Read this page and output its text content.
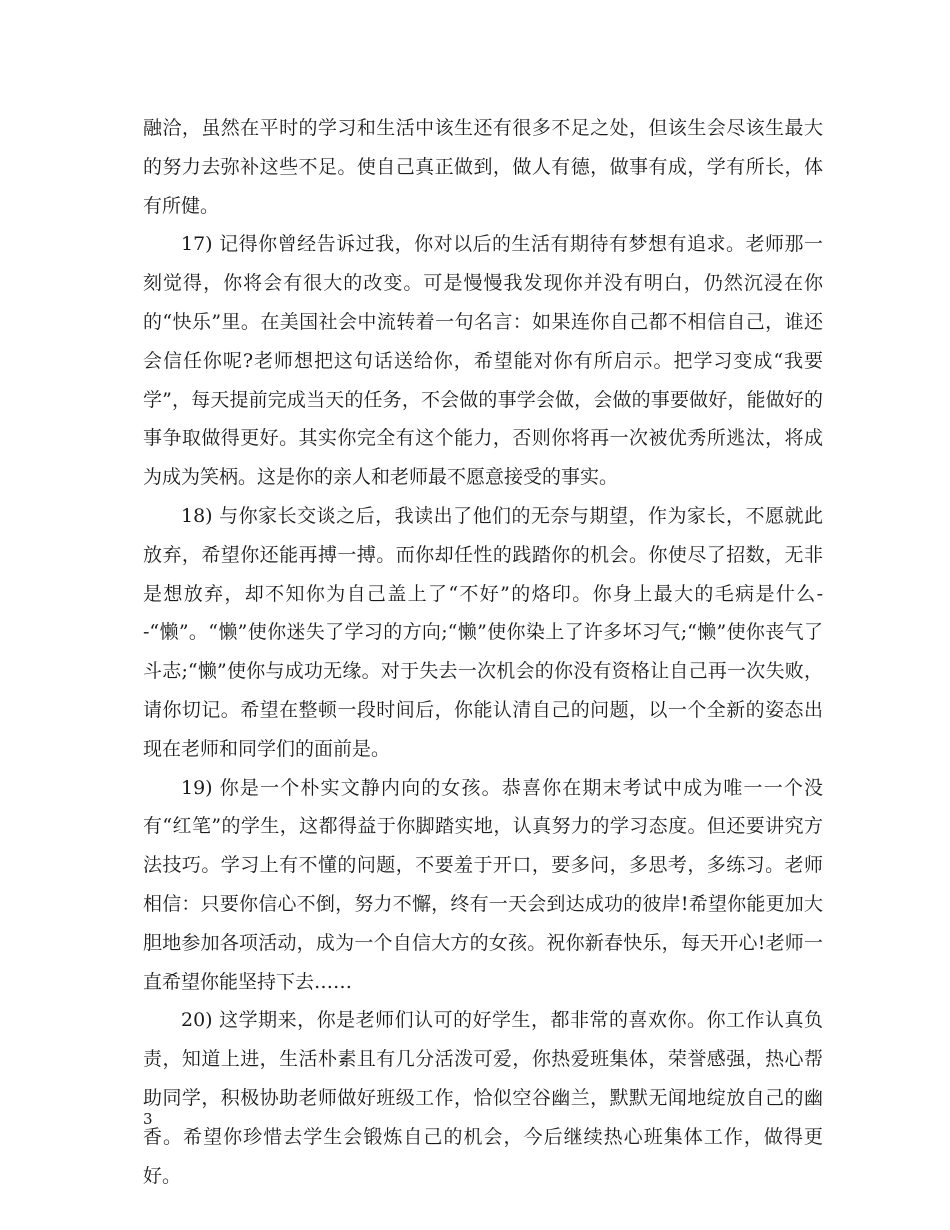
融洽，虽然在平时的学习和生活中该生还有很多不足之处，但该生会尽该生最大的努力去弥补这些不足。使自己真正做到，做人有德，做事有成，学有所长，体有所健。

17) 记得你曾经告诉过我，你对以后的生活有期待有梦想有追求。老师那一刻觉得，你将会有很大的改变。可是慢慢我发现你并没有明白，仍然沉浸在你的“快乐”里。在美国社会中流转着一句名言：如果连你自己都不相信自己，谁还会信任你呢?老师想把这句话送给你，希望能对你有所启示。把学习变成“我要学”，每天提前完成当天的任务，不会做的事学会做，会做的事要做好，能做好的事争取做得更好。其实你完全有这个能力，否则你将再一次被优秀所逃汰，将成为成为笑柄。这是你的亲人和老师最不愿意接受的事实。

18) 与你家长交谈之后，我读出了他们的无奈与期望，作为家长，不愿就此放弃，希望你还能再搏一搏。而你却任性的践踏你的机会。你使尽了招数，无非是想放弃，却不知你为自己盖上了“不好”的烙印。你身上最大的毛病是什么--“懒”。“懒”使你迷失了学习的方向;“懒”使你染上了许多坏习气;“懒”使你丧气了斗志;“懒”使你与成功无缘。对于失去一次机会的你没有资格让自己再一次失败，请你切记。希望在整顿一段时间后，你能认清自己的问题，以一个全新的姿态出现在老师和同学们的面前是。

19) 你是一个朴实文静内向的女孩。恭喜你在期末考试中成为唯一一个没有“红笔”的学生，这都得益于你脚踏实地，认真努力的学习态度。但还要讲究方法技巧。学习上有不懂的问题，不要羞于开口，要多问，多思考，多练习。老师相信：只要你信心不倒，努力不懈，终有一天会到达成功的彼岸!希望你能更加大胆地参加各项活动，成为一个自信大方的女孩。祝你新春快乐，每天开心!老师一直希望你能坚持下去……

20) 这学期来，你是老师们认可的好学生，都非常的喜欢你。你工作认真负责，知道上进，生活朴素且有几分活泼可爱，你热爱班集体，荣誉感强，热心帮助同学，积极协助老师做好班级工作，恰似空谷幽兰，默默无闻地绽放自己的幽香。希望你珍惜去学生会锻炼自己的机会，今后继续热心班集体工作，做得更好。

3
